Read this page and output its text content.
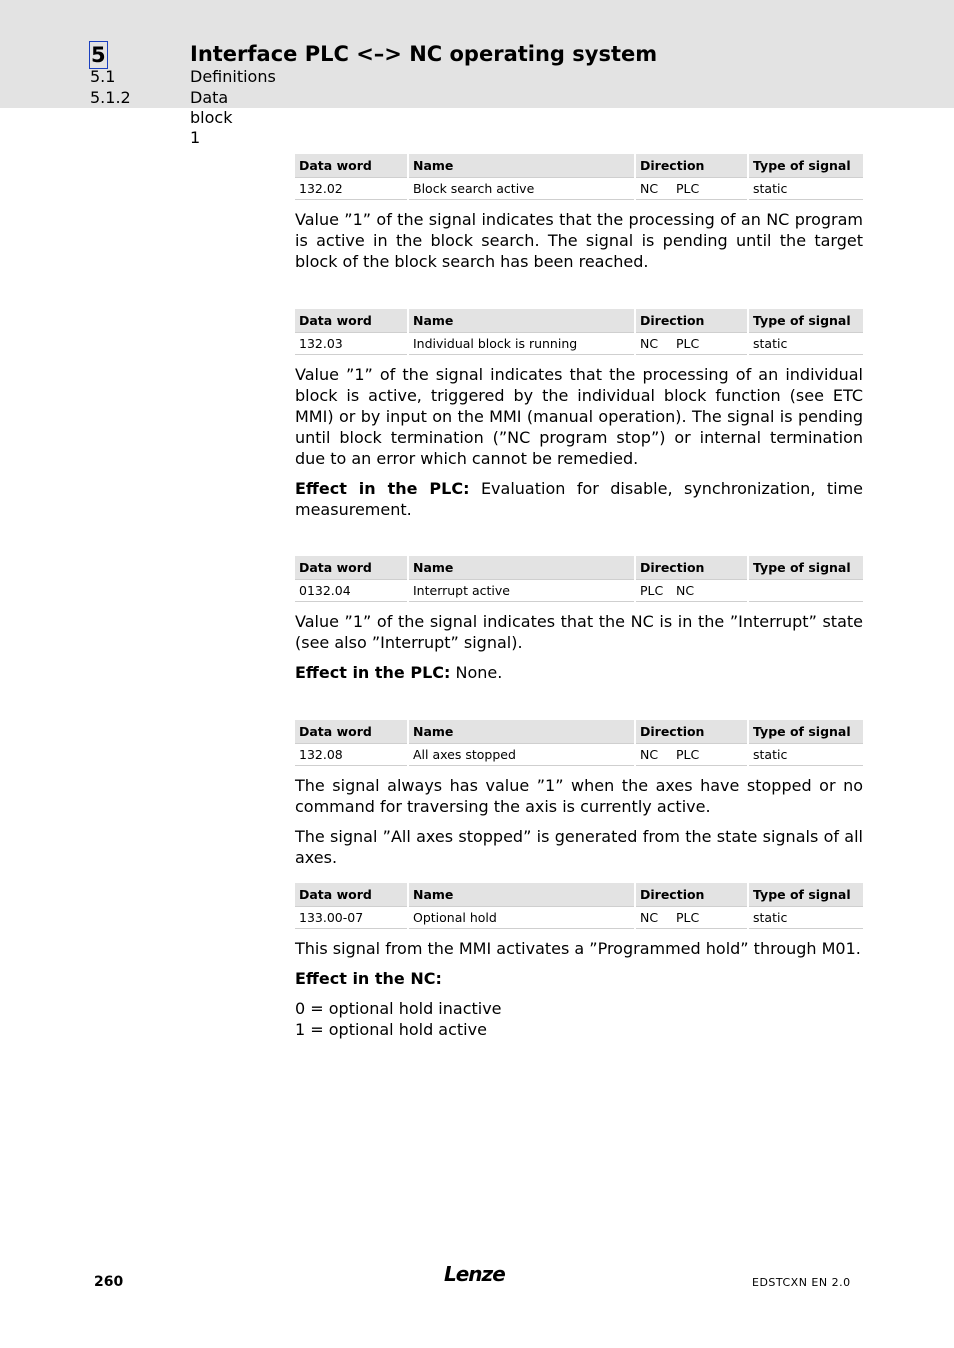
5	Interface PLC <–> NC operating system
5.1	Definitions
5.1.2	Data block 1
Data word	Name	Direction	Type of signal
132.02	Block search active	NC PLC	static

Value ”1” of the signal indicates that the processing of an NC program is active in the block search. The signal is pending until the target block of the block search has been reached.

Data word	Name	Direction	Type of signal
132.03	Individual block is running	NC PLC	static

Value ”1” of the signal indicates that the processing of an individual block is active, triggered by the individual block function (see ETC MMI) or by input on the MMI (manual operation). The signal is pending until block termination (”NC program stop”) or internal termination due to an error which cannot be remedied.

Effect in the PLC: Evaluation for disable, synchronization, time measurement.

Data word	Name	Direction	Type of signal
0132.04	Interrupt active	PLC NC	

Value ”1” of the signal indicates that the NC is in the ”Interrupt” state (see also ”Interrupt” signal).

Effect in the PLC: None.

Data word	Name	Direction	Type of signal
132.08	All axes stopped	NC PLC	static

The signal always has value ”1” when the axes have stopped or no command for traversing the axis is currently active.

The signal ”All axes stopped” is generated from the state signals of all axes.

Data word	Name	Direction	Type of signal
133.00-07	Optional hold	NC PLC	static

This signal from the MMI activates a ”Programmed hold” through M01.

Effect in the NC:

0 = optional hold inactive
1 = optional hold active

260	Lenze	EDSTCXN EN 2.0
